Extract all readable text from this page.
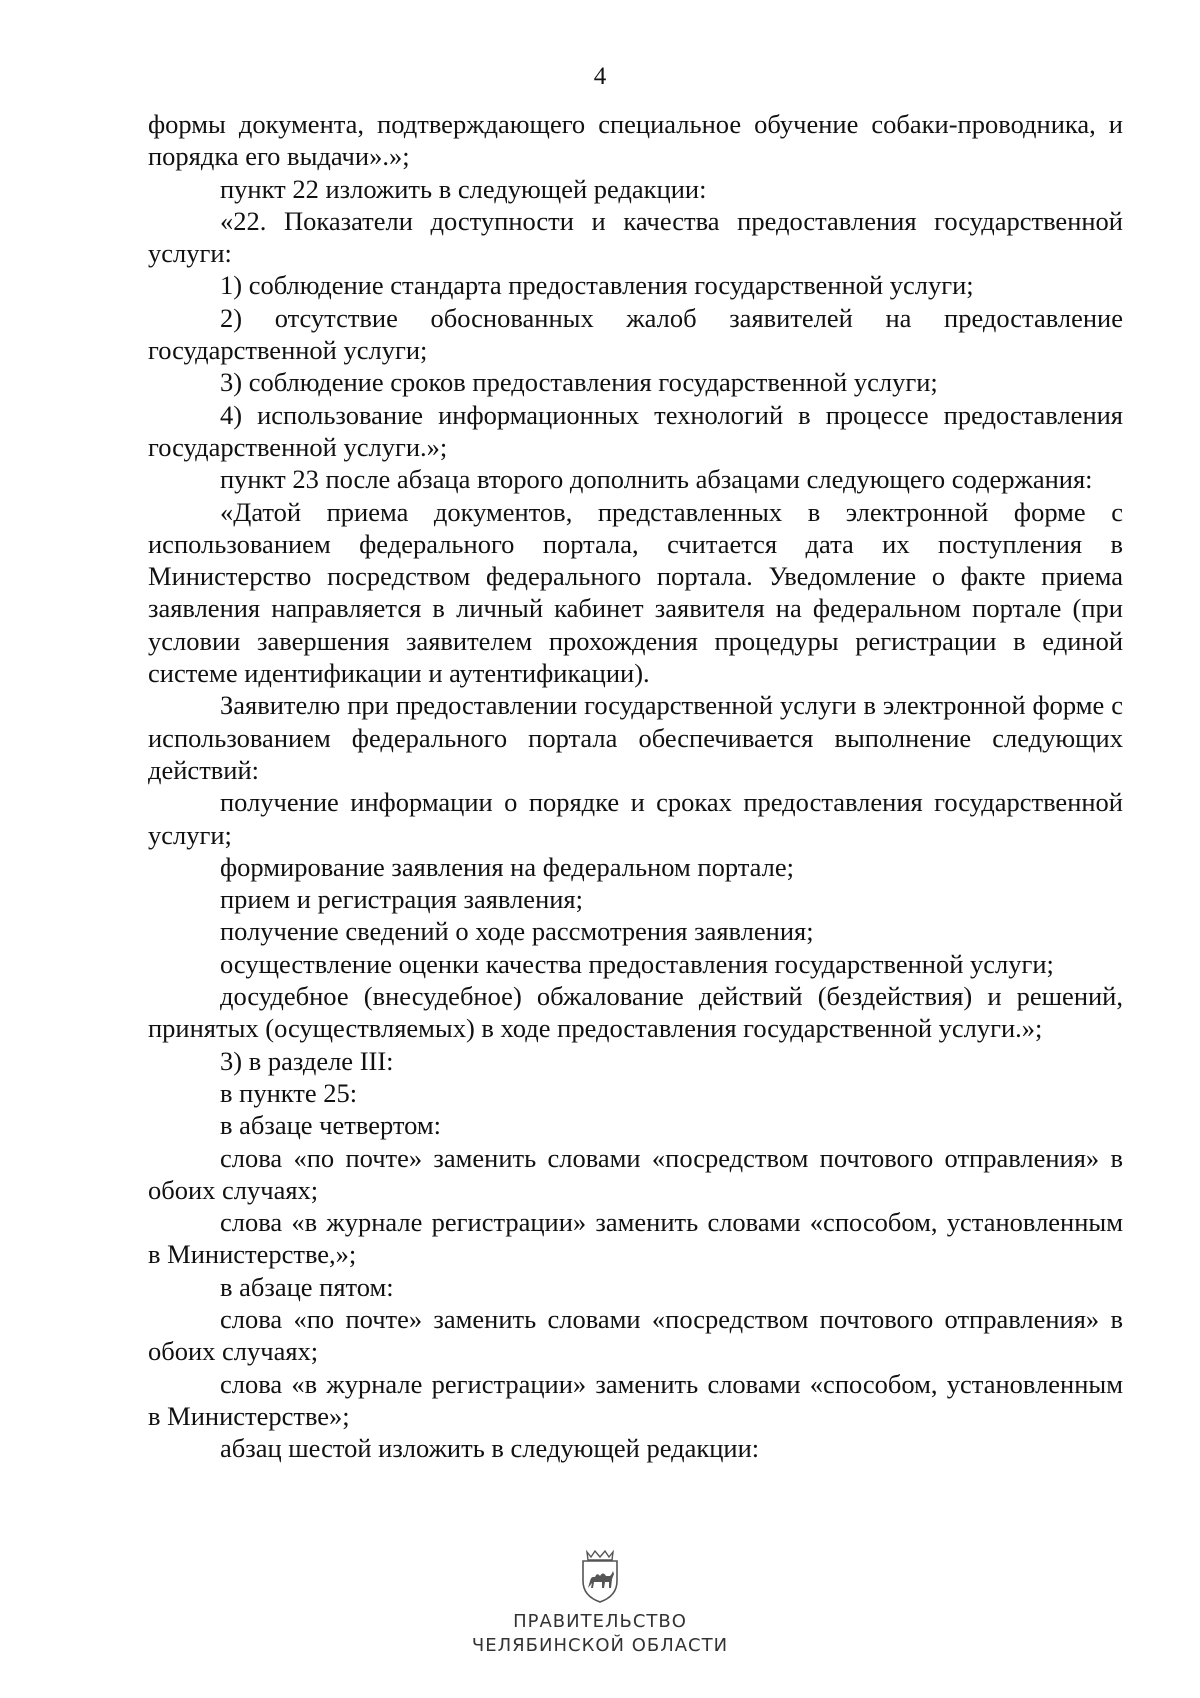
4

формы документа, подтверждающего специальное обучение собаки-проводника, и порядка его выдачи».»;

пункт 22 изложить в следующей редакции:

«22. Показатели доступности и качества предоставления государственной услуги:

1) соблюдение стандарта предоставления государственной услуги;

2) отсутствие обоснованных жалоб заявителей на предоставление государственной услуги;

3) соблюдение сроков предоставления государственной услуги;

4) использование информационных технологий в процессе предоставления государственной услуги.»;

пункт 23 после абзаца второго дополнить абзацами следующего содержания:

«Датой приема документов, представленных в электронной форме с использованием федерального портала, считается дата их поступления в Министерство посредством федерального портала. Уведомление о факте приема заявления направляется в личный кабинет заявителя на федеральном портале (при условии завершения заявителем прохождения процедуры регистрации в единой системе идентификации и аутентификации).

Заявителю при предоставлении государственной услуги в электронной форме с использованием федерального портала обеспечивается выполнение следующих действий:

получение информации о порядке и сроках предоставления государственной услуги;

формирование заявления на федеральном портале;

прием и регистрация заявления;

получение сведений о ходе рассмотрения заявления;

осуществление оценки качества предоставления государственной услуги;

досудебное (внесудебное) обжалование действий (бездействия) и решений, принятых (осуществляемых) в ходе предоставления государственной услуги.»;

3) в разделе III:

в пункте 25:

в абзаце четвертом:

слова «по почте» заменить словами «посредством почтового отправления» в обоих случаях;

слова «в журнале регистрации» заменить словами «способом, установленным в Министерстве,»;

в абзаце пятом:

слова «по почте» заменить словами «посредством почтового отправления» в обоих случаях;

слова «в журнале регистрации» заменить словами «способом, установленным в Министерстве»;

абзац шестой изложить в следующей редакции:

ПРАВИТЕЛЬСТВО
ЧЕЛЯБИНСКОЙ ОБЛАСТИ
